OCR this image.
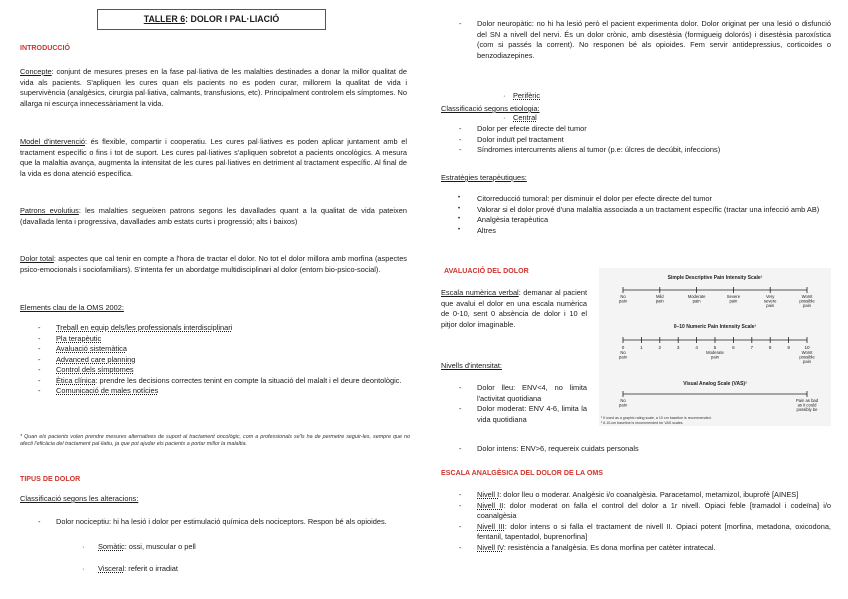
TALLER 6: DOLOR I PAL·LIACIÓ
INTRODUCCIÓ

Concepte: conjunt de mesures preses en la fase pal·liativa de les malalties destinades a donar la millor qualitat de vida als pacients. S'apliquen les cures quan els pacients no es poden curar, millorem la qualitat de vida i supervivència (analgèsics, cirurgia pal·liativa, calmants, transfusions, etc). Principalment controlem els símptomes. No allarga ni escurça innecessàriament la vida.

Model d'intervenció: és flexible, compartir i cooperatiu. Les cures pal·liatives es poden aplicar juntament amb el tractament específic o fins i tot de suport. Les cures pal·liatives s'apliquen sobretot a pacients oncològics. A mesura que la malaltia avança, augmenta la intensitat de les cures pal·liatives en detriment al tractament específic. Al final de la vida es dona atenció específica.

Patrons evolutius: les malalties segueixen patrons segons les davallades quant a la qualitat de vida pateixen (davallada lenta i progressiva, davallades amb estats curts i progressió; alts i baixos)

Dolor total: aspectes que cal tenir en compte a l'hora de tractar el dolor. No tot el dolor millora amb morfina (aspectes psico-emocionals i sociofamiliars). S'intenta fer un abordatge multidisciplinari al dolor (entorn bio-psico-social).

Elements clau de la OMS 2002:
- Treball en equip dels/les professionals interdisciplinari
- Pla terapèutic
- Avaluació sistemàtica
- Advanced care planning
- Control dels símptomes
- Ètica clínica: prendre les decisions correctes tenint en compte la situació del malalt i el deure deontològic.
- Comunicació de males notícies

* Quan els pacients volen prendre mesures alternatives de suport al tractament oncològic, com a professionals se'ls ha de permetre seguir-les, sempre que no afecti l'eficàcia del tractament pal·liatiu, ja que pot ajudar els pacients a portar millor la malaltia.

TIPUS DE DOLOR
Classificació segons les alteracions:
- Dolor nociceptiu: hi ha lesió i dolor per estimulació química dels nociceptors. Respon bé als opioides.
· Somàtic: ossi, muscular o pell
· Visceral: referit o irradiat
- Dolor neuropàtic: no hi ha lesió però el pacient experimenta dolor. Dolor originat per una lesió o disfunció del SN a nivell del nervi. És un dolor crònic, amb disestèsia (formigueig dolorós) i disestèsia paroxística (com si passés la corrent). No responen bé als opioides. Fem servir antidepressius, corticoides o benzodiazepines.
· Perifèric
· Central
Classificació segons etiologia:
- Dolor per efecte directe del tumor
- Dolor induït pel tractament
- Síndromes intercurrents aliens al tumor (p.e: úlcres de decúbit, infeccions)
Estratègies terapèutiques:
• Citorreducció tumoral: per disminuir el dolor per efecte directe del tumor
• Valorar si el dolor prové d'una malaltia associada a un tractament específic (tractar una infecció amb AB)
• Analgèsia terapèutica
• Altres
AVALUACIÓ DEL DOLOR

Escala numèrica verbal: demanar al pacient que avalui el dolor en una escala numèrica de 0-10, sent 0 absència de dolor i 10 el pitjor dolor imaginable.

Nivells d'intensitat:
- Dolor lleu: ENV<4, no limita l'activitat quotidiana
- Dolor moderat: ENV 4-6, limita la vida quotidiana
- Dolor intens: ENV>6, requereix cuidats personals
Simple Descriptive Pain Intensity Scale¹
No pain
Mild pain
Moderate pain
Severe pain
Very severe pain
Worst possible pain
0–10 Numeric Pain Intensity Scale¹
0	1	2	3	4	5	6	7	8	9	10
No pain
Moderate pain
Worst possible pain
Visual Analog Scale (VAS)²
No pain
Pain as bad as it could possibly be
¹ If used as a graphic rating scale, a 10 cm baseline is recommended.
² A 10-cm baseline is recommended for VAS scales.
ESCALA ANALGÈSICA DEL DOLOR DE LA OMS
- Nivell I: dolor lleu o moderar. Analgèsic i/o coanalgèsia. Paracetamol, metamizol, ibuprofè [AINES]
- Nivell II: dolor moderat on falla el control del dolor a 1r nivell. Opiaci feble [tramadol i codeïna] i/o coanalgèsia
- Nivell III: dolor intens o si falla el tractament de nivell II. Opiaci potent [morfina, metadona, oxicodona, fentanil, tapentadol, buprenorfina]
- Nivell IV: resistència a l'analgèsia. Es dona morfina per catèter intratecal.
